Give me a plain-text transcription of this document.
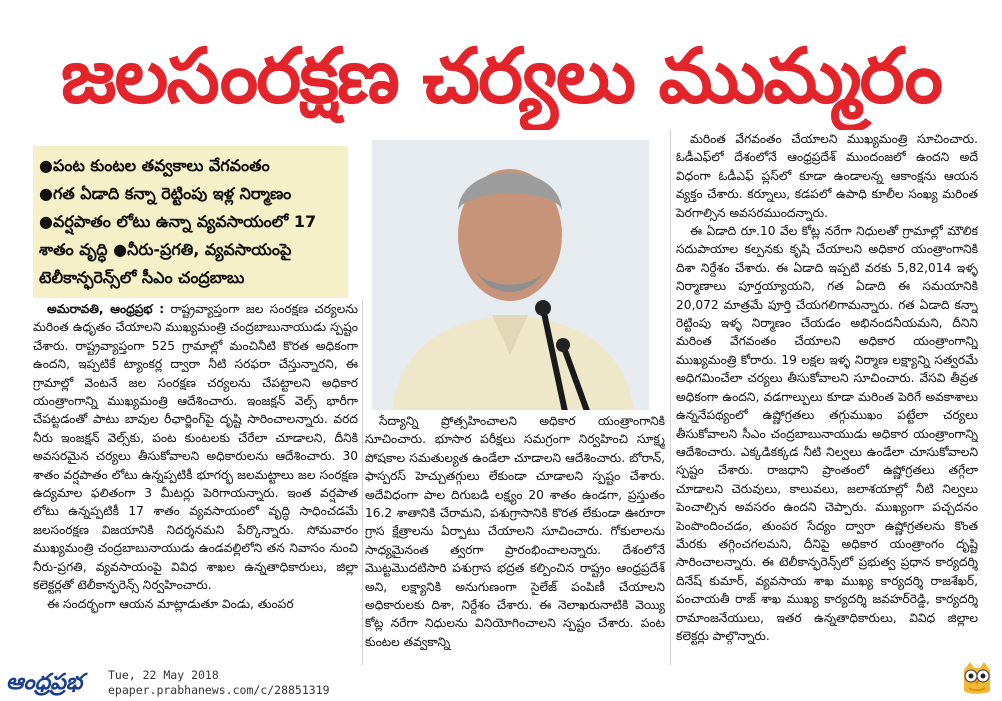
జలసంరక్షణ చర్యలు ముమ్మరం
●పంట కుంటల తవ్వకాలు వేగవంతం
●గత ఏడాది కన్నా రెట్టింపు ఇళ్ల నిర్మాణం
●వర్షపాతం లోటు ఉన్నా వ్యవసాయంలో 17 శాతం వృద్ధి ●నీరు-ప్రగతి, వ్యవసాయంపై టెలీకాన్ఫరెన్స్‌లో సీఎం చంద్రబాబు

అమరావతి, ఆంధ్రప్రభ : రాష్ట్రవ్యాప్తంగా జల సంరక్షణ చర్యలను మరింత ఉధృతం చేయాలని ముఖ్యమంత్రి చంద్రబాబునాయుడు స్పష్టం చేశారు. రాష్ట్రవ్యాప్తంగా 525 గ్రామాల్లో మంచినీటి కొరత అధికంగా ఉందని, ఇప్పటికే ట్యాంకర్ల ద్వారా నీటి సరఫరా చేస్తున్నారని, ఈ గ్రామాల్లో వెంటనే జల సంరక్షణ చర్యలను చేపట్టాలని అధికార యంత్రాంగాన్ని ముఖ్యమంత్రి ఆదేశించారు. ఇంజక్షన్ వెల్స్ భారీగా చేపట్టడంతో పాటు బావుల రీఛార్జింగ్‌పై దృష్టి సారించాలన్నారు. వరద నీరు ఇంజక్షన్ వెల్స్‌కు, పంట కుంటలకు చేరేలా చూడాలని, దీనికి అవసరమైన చర్యలు తీసుకోవాలని అధికారులను ఆదేశించారు. 30 శాతం వర్షపాతం లోటు ఉన్నప్పటికీ భూగర్భ జలమట్టాలు జల సంరక్షణ ఉద్యమాల ఫలితంగా 3 మీటర్లు పెరిగాయన్నారు. ఇంత వర్షపాత లోటు ఉన్నప్పటికీ 17 శాతం వ్యవసాయంలో వృద్ధి సాధించడమే జలసంరక్షణ విజయానికి నిదర్శనమని పేర్కొన్నారు. సోమవారం ముఖ్యమంత్రి చంద్రబాబునాయుడు ఉండవల్లిలోని తన నివాసం నుంచి నీరు-ప్రగతి, వ్యవసాయంపై వివిధ శాఖల ఉన్నతాధికారులు, జిల్లా కలెక్టర్లతో టెలీకాన్ఫరెన్స్ నిర్వహించారు.

ఈ సందర్భంగా ఆయన మాట్లాడుతూ విండు, తుంపర

సేద్యాన్ని ప్రోత్సహించాలని అధికార యంత్రాంగానికి సూచించారు. భూసార పరీక్షలు సమగ్రంగా నిర్వహించి సూక్ష్మ పోషకాల సమతుల్యత ఉండేలా చూడాలని ఆదేశించారు. బోరాన్, ఫాస్పరస్ హెచ్చుతగ్గులు లేకుండా చూడాలని స్పష్టం చేశారు. అదేవిధంగా పాల దిగుబడి లక్ష్యం 20 శాతం ఉండగా, ప్రస్తుతం 16.2 శాతానికి చేరామని, పశుగ్రాసానికి కొరత లేకుండా ఊరూరా గ్రాస క్షేత్రాలను ఏర్పాటు చేయాలని సూచించారు. గోకులాలను సాధ్యమైనంత త్వరగా ప్రారంభించాలన్నారు. దేశంలోనే మొట్టమొదటిసారి పశుగ్రాస భద్రత కల్పించిన రాష్ట్రం ఆంధ్రప్రదేశ్ అని, లక్ష్యానికి అనుగుణంగా సైలేజ్ పంపిణీ చేయాలని అధికారులకు దిశా, నిర్దేశం చేశారు. ఈ నెలాఖరునాటికి వెయ్యి కోట్ల నరేగా నిధులను వినియోగించాలని స్పష్టం చేశారు. పంట కుంటల తవ్వకాన్ని

మరింత వేగవంతం చేయాలని ముఖ్యమంత్రి సూచించారు. ఓడీఎఫ్‌లో దేశంలోనే ఆంధ్రప్రదేశ్ ముందంజలో ఉందని అదే విధంగా ఓడీఎఫ్ ప్లస్‌లో కూడా ఉండాలన్న ఆకాంక్షను ఆయన వ్యక్తం చేశారు. కర్నూలు, కడపలో ఉపాధి కూలీల సంఖ్య మరింత పెరగాల్సిన అవసరముందన్నారు.

ఈ ఏడాది రూ.10 వేల కోట్ల నరేగా నిధులతో గ్రామాల్లో మౌలిక సదుపాయాల కల్పనకు కృషి చేయాలని అధికార యంత్రాంగానికి దిశా నిర్దేశం చేశారు. ఈ ఏడాది ఇప్పటి వరకు 5,82,014 ఇళ్ళ నిర్మాణాలు పూర్తయ్యాయని, గత ఏడాది ఈ సమయానికి 20,072 మాత్రమే పూర్తి చేయగలిగామన్నారు. గత ఏడాది కన్నా రెట్టింపు ఇళ్ళ నిర్మాణం చేయడం అభినందనీయమని, దీనిని మరింత వేగవంతం చేయాలని అధికార యంత్రాంగాన్ని ముఖ్యమంత్రి కోరారు. 19 లక్షల ఇళ్ళ నిర్మాణ లక్ష్యాన్ని సత్వరమే అధిగమించేలా చర్యలు తీసుకోవాలని సూచించారు. వేసవి తీవ్రత అధికంగా ఉందని, వడగాల్పులు కూడా మరింత పెరిగే అవకాశాలు ఉన్ననేపథ్యంలో ఉష్ణోగ్రతలు తగ్గుముఖం పట్టేలా చర్యలు తీసుకోవాలని సీఎం చంద్రబాబునాయుడు అధికార యంత్రాంగాన్ని ఆదేశించారు. ఎక్కడికక్కడ నీటి నిల్వలు ఉండేలా చూసుకోవాలని స్పష్టం చేశారు. రాజధాని ప్రాంతంలో ఉష్ణోగ్రతలు తగ్గేలా చూడాలని చెరువులు, కాలువలు, జలాశయాల్లో నీటి నిల్వలు పెంచాల్సిన అవసరం ఉందని చెప్పారు. ముఖ్యంగా పచ్చదనం పెంపొందించడం, తుంపర సేద్యం ద్వారా ఉష్ణోగ్రతలను కొంత మేరకు తగ్గించగలమని, దీనిపై అధికార యంత్రాంగం దృష్టి సారించాలన్నారు. ఈ టెలీకాన్ఫరెన్స్‌లో ప్రభుత్వ ప్రధాన కార్యదర్శి దినేష్ కుమార్, వ్యవసాయ శాఖ ముఖ్య కార్యదర్శి రాజశేఖర్, పంచాయతీ రాజ్ శాఖ ముఖ్య కార్యదర్శి జవహర్‌రెడ్డి, కార్యదర్శి రామాంజనేయులు, ఇతర ఉన్నతాధికారులు, వివిధ జిల్లాల కలెక్టర్లు పాల్గొన్నారు.

ఆంధ్రప్రభ	Tue, 22 May 2018
epaper.prabhanews.com/c/28851319
